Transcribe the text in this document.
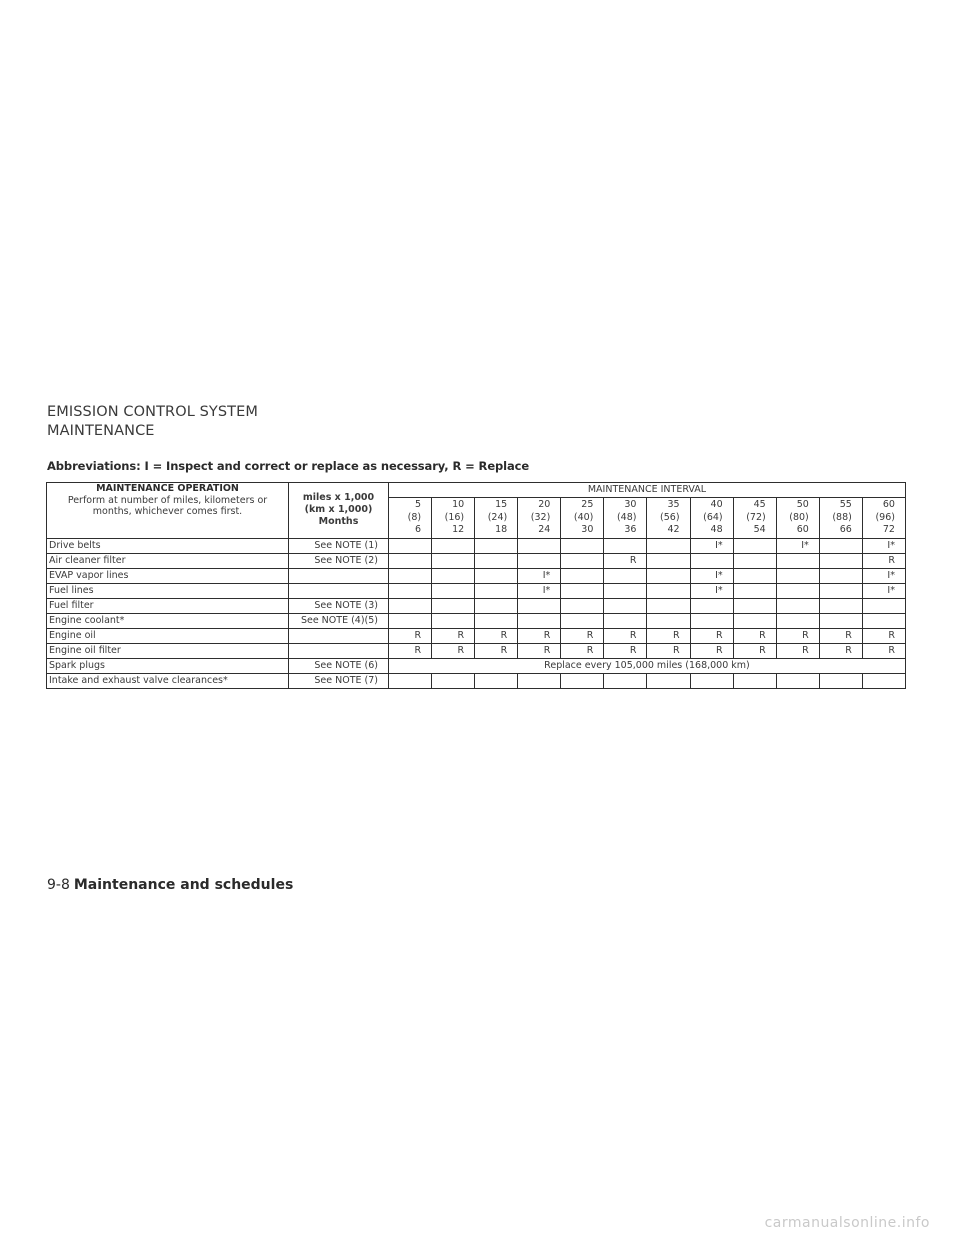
EMISSION CONTROL SYSTEM
MAINTENANCE

Abbreviations: I = Inspect and correct or replace as necessary, R = Replace

MAINTENANCE OPERATION
Perform at number of miles, kilometers or
months, whichever comes first.	miles x 1,000
(km x 1,000)
Months	MAINTENANCE INTERVAL											

		5
(8)
6	10
(16)
12	15
(24)
18	20
(32)
24	25
(40)
30	30
(48)
36	35
(56)
42	40
(64)
48	45
(72)
54	50
(80)
60	55
(88)
66	60
(96)
72

Drive belts	See NOTE (1)								I*		I*		I*
Air cleaner filter	See NOTE (2)						R						R
EVAP vapor lines					I*				I*				I*
Fuel lines					I*				I*				I*
Fuel filter	See NOTE (3)												
Engine coolant*	See NOTE (4)(5)												
Engine oil		R	R	R	R	R	R	R	R	R	R	R	R
Engine oil filter		R	R	R	R	R	R	R	R	R	R	R	R
Spark plugs	See NOTE (6)	Replace every 105,000 miles (168,000 km)											
Intake and exhaust valve clearances*	See NOTE (7)												

9-8 Maintenance and schedules

carmanualsonline.info
